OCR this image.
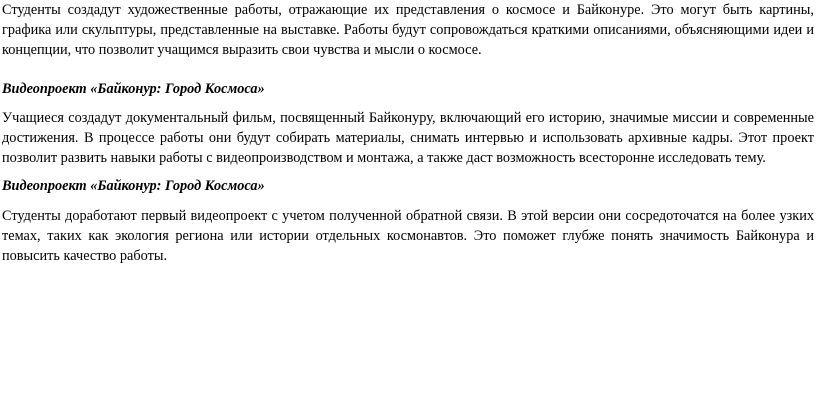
Студенты создадут художественные работы, отражающие их представления о космосе и Байконуре. Это могут быть картины, графика или скульптуры, представленные на выставке. Работы будут сопровождаться краткими описаниями, объясняющими идеи и концепции, что позволит учащимся выразить свои чувства и мысли о космосе.

Видеопроект «Байконур: Город Космоса»

Учащиеся создадут документальный фильм, посвященный Байконуру, включающий его историю, значимые миссии и современные достижения. В процессе работы они будут собирать материалы, снимать интервью и использовать архивные кадры. Этот проект позволит развить навыки работы с видеопроизводством и монтажа, а также даст возможность всесторонне исследовать тему.

Видеопроект «Байконур: Город Космоса»

Студенты доработают первый видеопроект с учетом полученной обратной связи. В этой версии они сосредоточатся на более узких темах, таких как экология региона или истории отдельных космонавтов. Это поможет глубже понять значимость Байконура и повысить качество работы.
